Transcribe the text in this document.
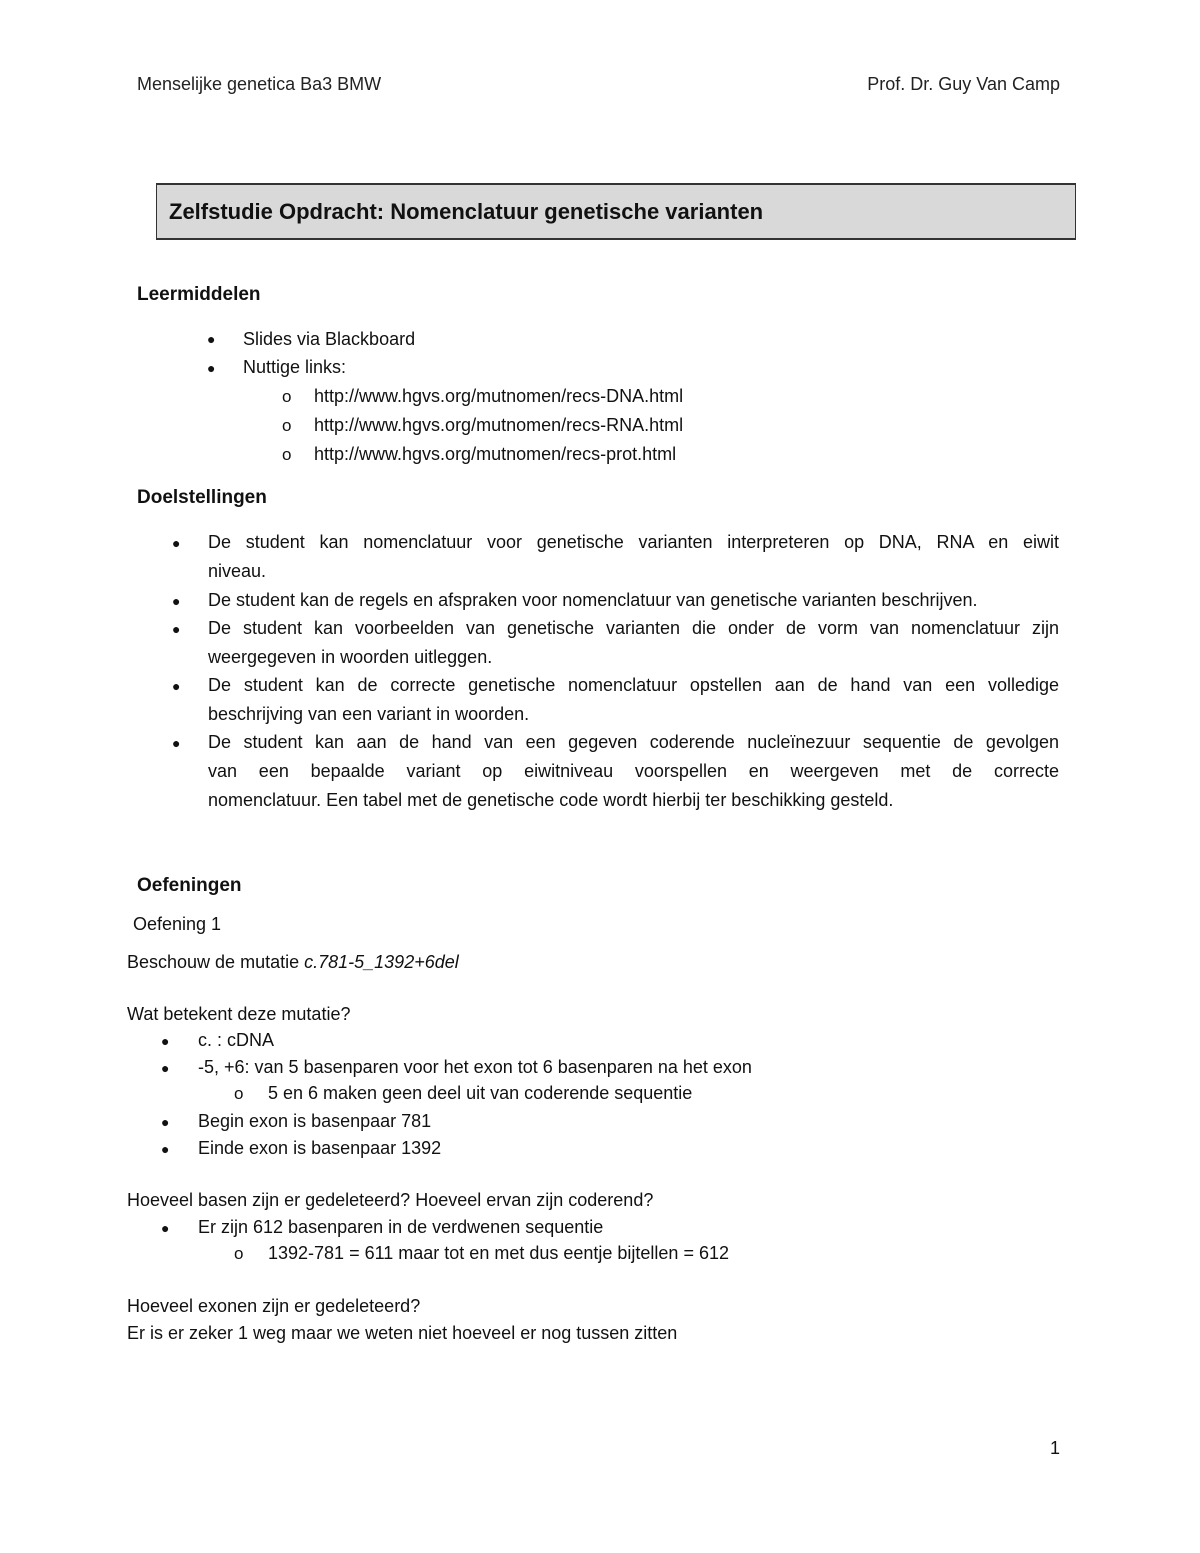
Menselijke genetica Ba3 BMW	Prof. Dr. Guy Van Camp
Zelfstudie Opdracht: Nomenclatuur genetische varianten
Leermiddelen
● Slides via Blackboard
● Nuttige links:
o http://www.hgvs.org/mutnomen/recs-DNA.html
o http://www.hgvs.org/mutnomen/recs-RNA.html
o http://www.hgvs.org/mutnomen/recs-prot.html
Doelstellingen
● De student kan nomenclatuur voor genetische varianten interpreteren op DNA, RNA en eiwit
niveau.
● De student kan de regels en afspraken voor nomenclatuur van genetische varianten beschrijven.
● De student kan voorbeelden van genetische varianten die onder de vorm van nomenclatuur zijn
weergegeven in woorden uitleggen.
● De student kan de correcte genetische nomenclatuur opstellen aan de hand van een volledige
beschrijving van een variant in woorden.
● De student kan aan de hand van een gegeven coderende nucleïnezuur sequentie de gevolgen
van een bepaalde variant op eiwitniveau voorspellen en weergeven met de correcte
nomenclatuur. Een tabel met de genetische code wordt hierbij ter beschikking gesteld.
Oefeningen
Oefening 1
Beschouw de mutatie c.781-5_1392+6del
Wat betekent deze mutatie?
● c. : cDNA
● -5, +6: van 5 basenparen voor het exon tot 6 basenparen na het exon
o 5 en 6 maken geen deel uit van coderende sequentie
● Begin exon is basenpaar 781
● Einde exon is basenpaar 1392
Hoeveel basen zijn er gedeleteerd? Hoeveel ervan zijn coderend?
● Er zijn 612 basenparen in de verdwenen sequentie
o 1392-781 = 611 maar tot en met dus eentje bijtellen = 612
Hoeveel exonen zijn er gedeleteerd?
Er is er zeker 1 weg maar we weten niet hoeveel er nog tussen zitten
1
